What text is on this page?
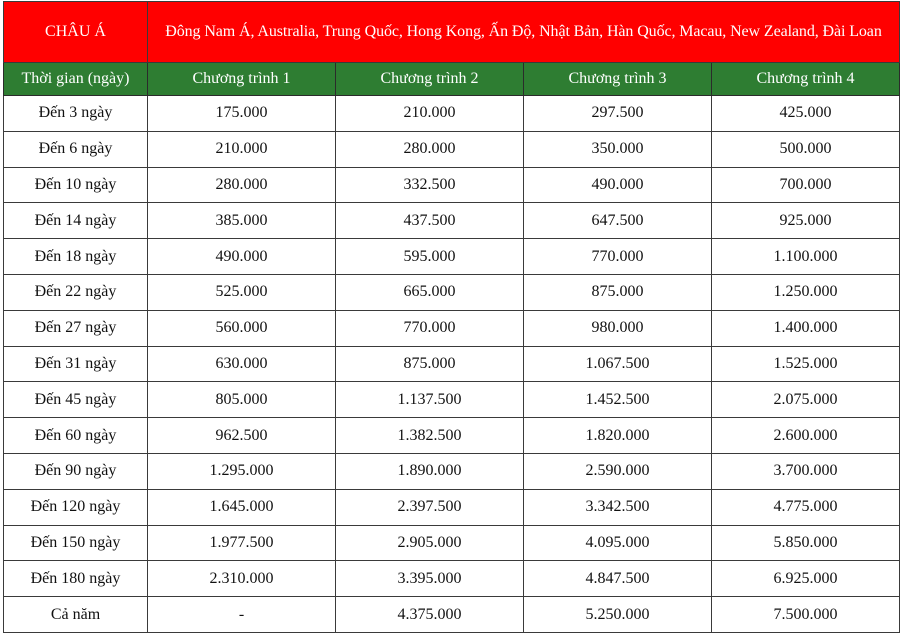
CHÂU Á	Đông Nam Á, Australia, Trung Quốc, Hong Kong, Ấn Độ, Nhật Bản, Hàn Quốc, Macau, New Zealand, Đài Loan			
Thời gian (ngày)	Chương trình 1	Chương trình 2	Chương trình 3	Chương trình 4
Đến 3 ngày	175.000	210.000	297.500	425.000
Đến 6 ngày	210.000	280.000	350.000	500.000
Đến 10 ngày	280.000	332.500	490.000	700.000
Đến 14 ngày	385.000	437.500	647.500	925.000
Đến 18 ngày	490.000	595.000	770.000	1.100.000
Đến 22 ngày	525.000	665.000	875.000	1.250.000
Đến 27 ngày	560.000	770.000	980.000	1.400.000
Đến 31 ngày	630.000	875.000	1.067.500	1.525.000
Đến 45 ngày	805.000	1.137.500	1.452.500	2.075.000
Đến 60 ngày	962.500	1.382.500	1.820.000	2.600.000
Đến 90 ngày	1.295.000	1.890.000	2.590.000	3.700.000
Đến 120 ngày	1.645.000	2.397.500	3.342.500	4.775.000
Đến 150 ngày	1.977.500	2.905.000	4.095.000	5.850.000
Đến 180 ngày	2.310.000	3.395.000	4.847.500	6.925.000
Cả năm	-	4.375.000	5.250.000	7.500.000
